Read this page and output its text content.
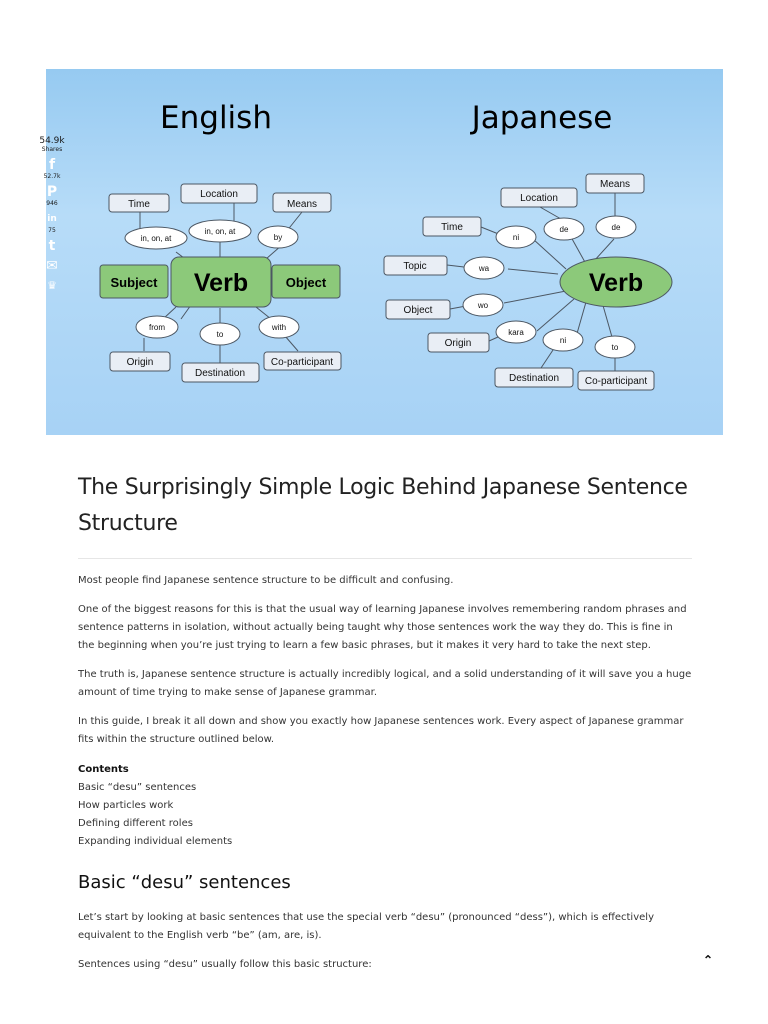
English	Japanese
Time
Location
Means
Subject Verb	Object
Origin
Destination
Co-participant
in, on, at
in, on, at
by
from
to
with
Means
Location
Time
Topic
Object
Origin
Destination	Co-participant
Verb
de
de
ni
wa
wo
kara
ni
to
54.9k
Shares
f
52.7k
P
946
in
75
t
✉
♛
The Surprisingly Simple Logic Behind Japanese Sentence Structure

Most people find Japanese sentence structure to be difficult and confusing.

One of the biggest reasons for this is that the usual way of learning Japanese involves remembering random phrases and sentence patterns in isolation, without actually being taught why those sentences work the way they do. This is fine in the beginning when you’re just trying to learn a few basic phrases, but it makes it very hard to take the next step.

The truth is, Japanese sentence structure is actually incredibly logical, and a solid understanding of it will save you a huge amount of time trying to make sense of Japanese grammar.

In this guide, I break it all down and show you exactly how Japanese sentences work. Every aspect of Japanese grammar fits within the structure outlined below.

Contents
Basic “desu” sentences
How particles work
Defining different roles
Expanding individual elements
Basic “desu” sentences

Let’s start by looking at basic sentences that use the special verb “desu” (pronounced “dess”), which is effectively equivalent to the English verb “be” (am, are, is).

Sentences using “desu” usually follow this basic structure:	⌃
